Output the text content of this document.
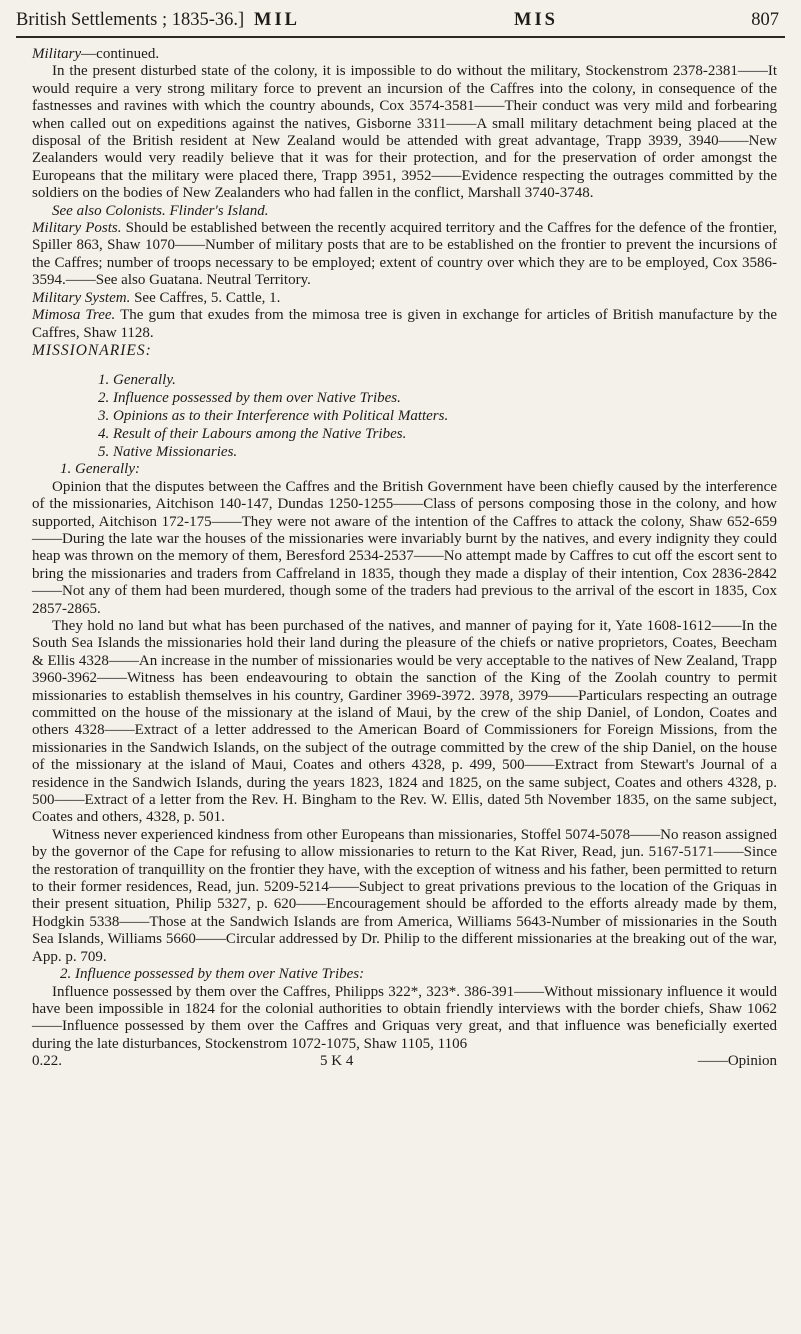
British Settlements ; 1835-36.] MIL	MIS	807

Military—continued.

In the present disturbed state of the colony, it is impossible to do without the military, Stockenstrom 2378-2381——It would require a very strong military force to prevent an incursion of the Caffres into the colony, in consequence of the fastnesses and ravines with which the country abounds, Cox 3574-3581——Their conduct was very mild and forbearing when called out on expeditions against the natives, Gisborne 3311——A small military detachment being placed at the disposal of the British resident at New Zealand would be attended with great advantage, Trapp 3939, 3940——New Zealanders would very readily believe that it was for their protection, and for the preservation of order amongst the Europeans that the military were placed there, Trapp 3951, 3952——Evidence respecting the outrages committed by the soldiers on the bodies of New Zealanders who had fallen in the conflict, Marshall 3740-3748.

See also Colonists. Flinder's Island.

Military Posts. Should be established between the recently acquired territory and the Caffres for the defence of the frontier, Spiller 863, Shaw 1070——Number of military posts that are to be established on the frontier to prevent the incursions of the Caffres; number of troops necessary to be employed; extent of country over which they are to be employed, Cox 3586-3594.——See also Guatana. Neutral Territory.

Military System. See Caffres, 5. Cattle, 1.

Mimosa Tree. The gum that exudes from the mimosa tree is given in exchange for articles of British manufacture by the Caffres, Shaw 1128.

MISSIONARIES:

1. Generally.
2. Influence possessed by them over Native Tribes.
3. Opinions as to their Interference with Political Matters.
4. Result of their Labours among the Native Tribes.
5. Native Missionaries.

1. Generally:

Opinion that the disputes between the Caffres and the British Government have been chiefly caused by the interference of the missionaries, Aitchison 140-147, Dundas 1250-1255——Class of persons composing those in the colony, and how supported, Aitchison 172-175——They were not aware of the intention of the Caffres to attack the colony, Shaw 652-659——During the late war the houses of the missionaries were invariably burnt by the natives, and every indignity they could heap was thrown on the memory of them, Beresford 2534-2537——No attempt made by Caffres to cut off the escort sent to bring the missionaries and traders from Caffreland in 1835, though they made a display of their intention, Cox 2836-2842——Not any of them had been murdered, though some of the traders had previous to the arrival of the escort in 1835, Cox 2857-2865.

They hold no land but what has been purchased of the natives, and manner of paying for it, Yate 1608-1612——In the South Sea Islands the missionaries hold their land during the pleasure of the chiefs or native proprietors, Coates, Beecham & Ellis 4328——An increase in the number of missionaries would be very acceptable to the natives of New Zealand, Trapp 3960-3962——Witness has been endeavouring to obtain the sanction of the King of the Zoolah country to permit missionaries to establish themselves in his country, Gardiner 3969-3972. 3978, 3979——Particulars respecting an outrage committed on the house of the missionary at the island of Maui, by the crew of the ship Daniel, of London, Coates and others 4328——Extract of a letter addressed to the American Board of Commissioners for Foreign Missions, from the missionaries in the Sandwich Islands, on the subject of the outrage committed by the crew of the ship Daniel, on the house of the missionary at the island of Maui, Coates and others 4328, p. 499, 500——Extract from Stewart's Journal of a residence in the Sandwich Islands, during the years 1823, 1824 and 1825, on the same subject, Coates and others 4328, p. 500——Extract of a letter from the Rev. H. Bingham to the Rev. W. Ellis, dated 5th November 1835, on the same subject, Coates and others, 4328, p. 501.

Witness never experienced kindness from other Europeans than missionaries, Stoffel 5074-5078——No reason assigned by the governor of the Cape for refusing to allow missionaries to return to the Kat River, Read, jun. 5167-5171——Since the restoration of tranquillity on the frontier they have, with the exception of witness and his father, been permitted to return to their former residences, Read, jun. 5209-5214——Subject to great privations previous to the location of the Griquas in their present situation, Philip 5327, p. 620——Encouragement should be afforded to the efforts already made by them, Hodgkin 5338——Those at the Sandwich Islands are from America, Williams 5643-Number of missionaries in the South Sea Islands, Williams 5660——Circular addressed by Dr. Philip to the different missionaries at the breaking out of the war, App. p. 709.

2. Influence possessed by them over Native Tribes:

Influence possessed by them over the Caffres, Philipps 322*, 323*. 386-391——Without missionary influence it would have been impossible in 1824 for the colonial authorities to obtain friendly interviews with the border chiefs, Shaw 1062——Influence possessed by them over the Caffres and Griquas very great, and that influence was beneficially exerted during the late disturbances, Stockenstrom 1072-1075, Shaw 1105, 1106

0.22.	5 K 4	——Opinion
